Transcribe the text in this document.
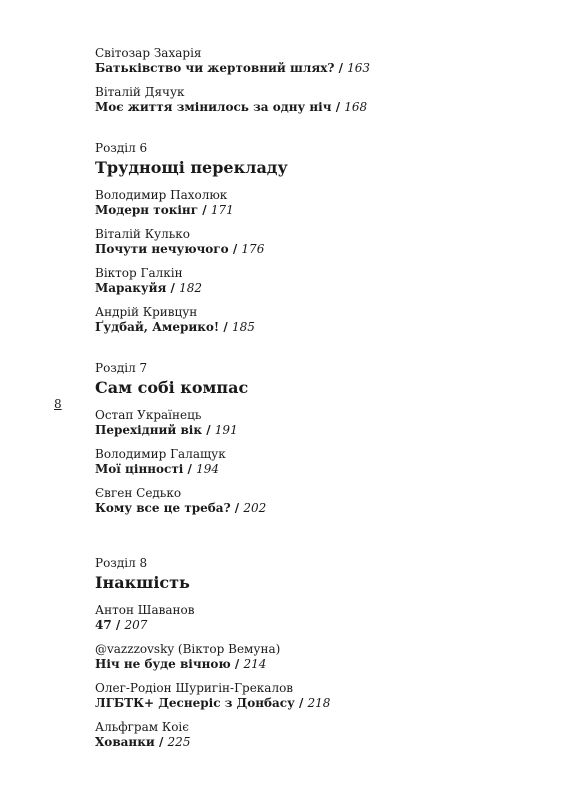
8
Світозар Захарія
Батьківство чи жертовний шлях? / 163
Віталій Дячук
Моє життя змінилось за одну ніч / 168
Розділ 6
Труднощі перекладу
Володимир Пахолюк
Модерн токінг / 171
Віталій Кулько
Почути нечуючого / 176
Віктор Галкін
Маракуйя / 182
Андрій Кривцун
Ґудбай, Америко! / 185
Розділ 7
Сам собі компас
Остап Українець
Перехідний вік / 191
Володимир Галащук
Мої цінності / 194
Євген Седько
Кому все це треба? / 202
Розділ 8
Інакшість
Антон Шаванов
47 / 207
@vazzzovsky (Віктор Вемуна)
Ніч не буде вічною / 214
Олег-Родіон Шуригін-Грекалов
ЛГБТК+ Деснеріс з Донбасу / 218
Альфграм Коіє
Хованки / 225
